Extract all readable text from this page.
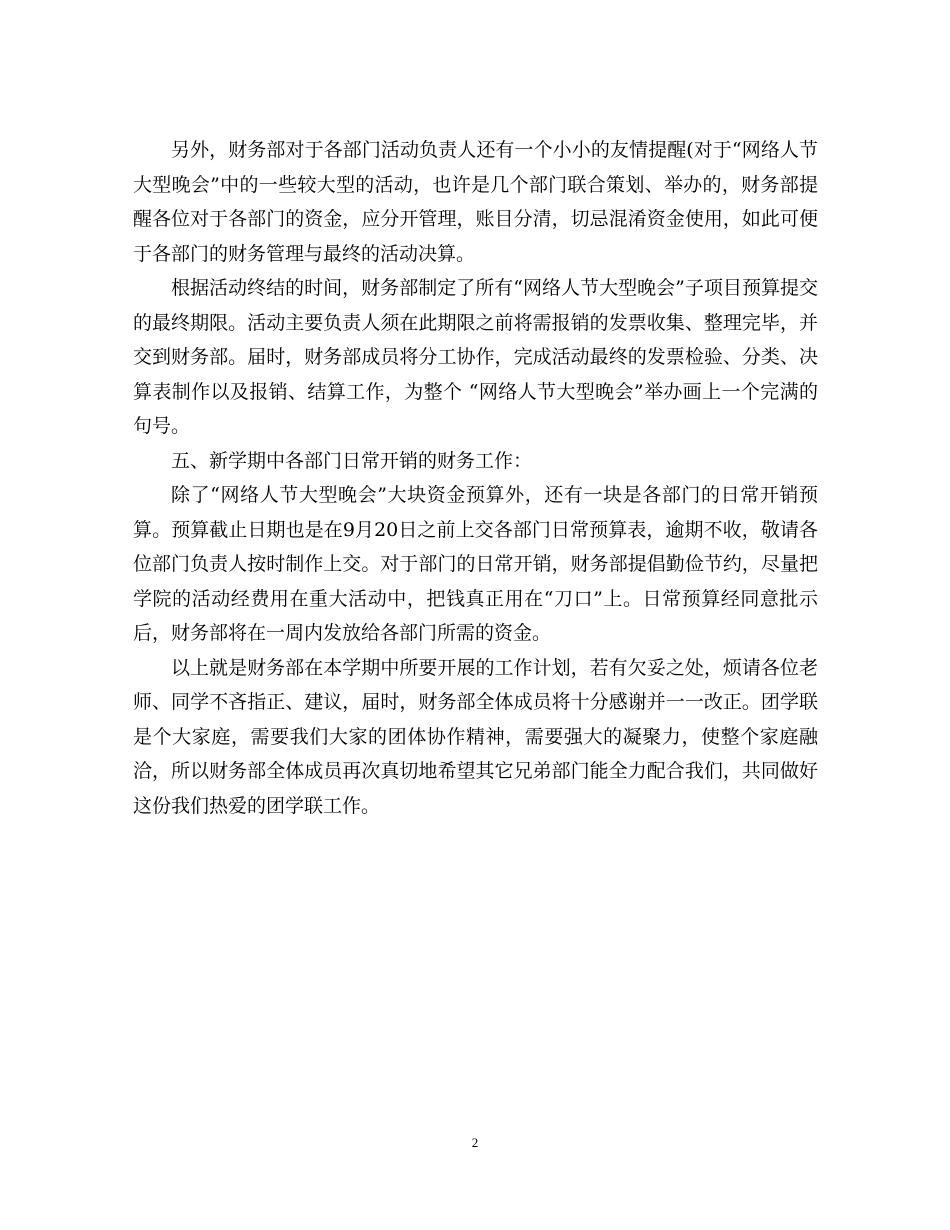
另外，财务部对于各部门活动负责人还有一个小小的友情提醒(对于“网络人节大型晚会”中的一些较大型的活动，也许是几个部门联合策划、举办的，财务部提醒各位对于各部门的资金，应分开管理，账目分清，切忌混淆资金使用，如此可便于各部门的财务管理与最终的活动决算。

根据活动终结的时间，财务部制定了所有“网络人节大型晚会”子项目预算提交的最终期限。活动主要负责人须在此期限之前将需报销的发票收集、整理完毕，并交到财务部。届时，财务部成员将分工协作，完成活动最终的发票检验、分类、决算表制作以及报销、结算工作，为整个 “网络人节大型晚会”举办画上一个完满的句号。

五、新学期中各部门日常开销的财务工作：

除了“网络人节大型晚会”大块资金预算外，还有一块是各部门的日常开销预算。预算截止日期也是在9月20日之前上交各部门日常预算表，逾期不收，敬请各位部门负责人按时制作上交。对于部门的日常开销，财务部提倡勤俭节约，尽量把学院的活动经费用在重大活动中，把钱真正用在“刀口”上。日常预算经同意批示后，财务部将在一周内发放给各部门所需的资金。

以上就是财务部在本学期中所要开展的工作计划，若有欠妥之处，烦请各位老师、同学不吝指正、建议，届时，财务部全体成员将十分感谢并一一改正。团学联是个大家庭，需要我们大家的团体协作精神，需要强大的凝聚力，使整个家庭融洽，所以财务部全体成员再次真切地希望其它兄弟部门能全力配合我们，共同做好这份我们热爱的团学联工作。

2
